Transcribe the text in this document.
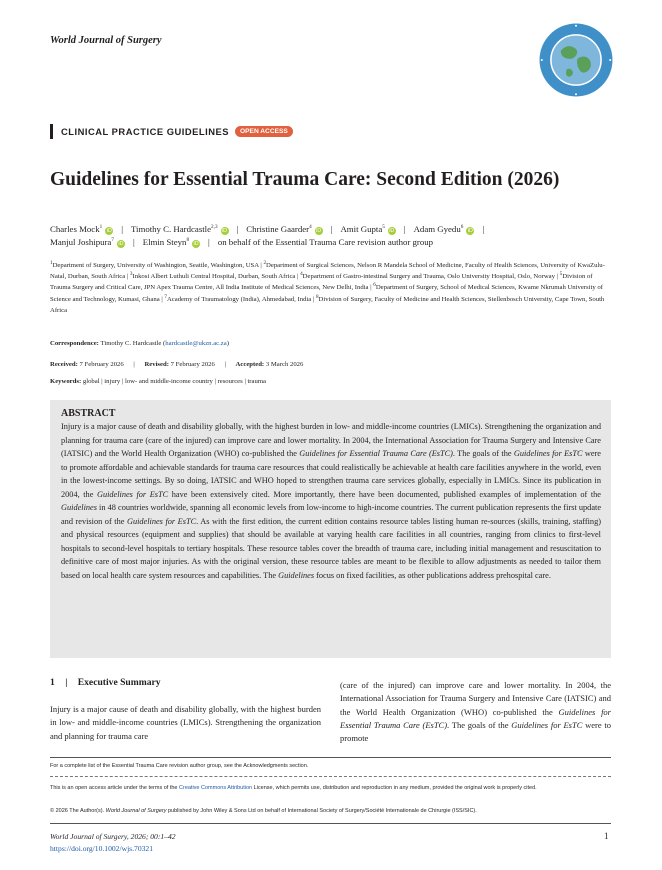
World Journal of Surgery
CLINICAL PRACTICE GUIDELINES	OPEN ACCESS
Guidelines for Essential Trauma Care: Second Edition (2026)
Charles Mock$^1$iD | Timothy C. Hardcastle$^{2,3}$iD | Christine Gaarder$^4$iD | Amit Gupta$^5$iD | Adam Gyedu$^6$iD |
Manjul Joshipura$^7$iD | Elmin Steyn$^8$iD | on behalf of the Essential Trauma Care revision author group
$^1$Department of Surgery, University of Washington, Seattle, Washington, USA | $^2$Department of Surgical Sciences, Nelson R Mandela School of Medicine, Faculty of Health Sciences, University of KwaZulu-Natal, Durban, South Africa | $^3$Inkosi Albert Luthuli Central Hospital, Durban, South Africa | $^4$Department of Gastro-intestinal Surgery and Trauma, Oslo University Hospital, Oslo, Norway | $^5$Division of Trauma Surgery and Critical Care, JPN Apex Trauma Centre, All India Institute of Medical Sciences, New Delhi, India | $^6$Department of Surgery, School of Medical Sciences, Kwame Nkrumah University of Science and Technology, Kumasi, Ghana | $^7$Academy of Traumatology (India), Ahmedabad, India | $^8$Division of Surgery, Faculty of Medicine and Health Sciences, Stellenbosch University, Cape Town, South Africa
Correspondence: Timothy C. Hardcastle (hardcastle@ukzn.ac.za)
Received: 7 February 2026 | Revised: 7 February 2026 | Accepted: 3 March 2026
Keywords: global | injury | low- and middle-income country | resources | trauma
ABSTRACT
Injury is a major cause of death and disability globally, with the highest burden in low- and middle-income countries (LMICs). Strengthening the organization and planning for trauma care (care of the injured) can improve care and lower mortality. In 2004, the International Association for Trauma Surgery and Intensive Care (IATSIC) and the World Health Organization (WHO) co-published the Guidelines for Essential Trauma Care (EsTC). The goals of the Guidelines for EsTC were to promote affordable and achievable standards for trauma care resources that could realistically be achievable at health care facilities anywhere in the world, even in the lowest-income settings. By so doing, IATSIC and WHO hoped to strengthen trauma care services globally, especially in LMICs. Since its publication in 2004, the Guidelines for EsTC have been extensively cited. More importantly, there have been documented, published examples of implementation of the Guidelines in 48 countries worldwide, spanning all economic levels from low-income to high-income countries. The current publication represents the first update and revision of the Guidelines for EsTC. As with the first edition, the current edition contains resource tables listing human re-sources (skills, training, staffing) and physical resources (equipment and supplies) that should be available at varying health care facilities in all countries, ranging from clinics to first-level hospitals to second-level hospitals to tertiary hospitals. These resource tables cover the breadth of trauma care, including initial management and resuscitation to definitive care of most major injuries. As with the original version, these resource tables are meant to be flexible to allow adjustments as needed to tailor them based on local health care system resources and capabilities. The Guidelines focus on fixed facilities, as other publications address prehospital care.
1 | Executive Summary
Injury is a major cause of death and disability globally, with the highest burden in low- and middle-income countries (LMICs). Strengthening the organization and planning for trauma care
(care of the injured) can improve care and lower mortality. In 2004, the International Association for Trauma Surgery and Intensive Care (IATSIC) and the World Health Organization (WHO) co-published the Guidelines for Essential Trauma Care (EsTC). The goals of the Guidelines for EsTC were to promote
For a complete list of the Essential Trauma Care revision author group, see the Acknowledgments section.
This is an open access article under the terms of the Creative Commons Attribution License, which permits use, distribution and reproduction in any medium, provided the original work is properly cited.
© 2026 The Author(s). World Journal of Surgery published by John Wiley & Sons Ltd on behalf of International Society of Surgery/Société Internationale de Chirurgie (ISS/SIC).
World Journal of Surgery, 2026; 00:1–42
https://doi.org/10.1002/wjs.70321
1
